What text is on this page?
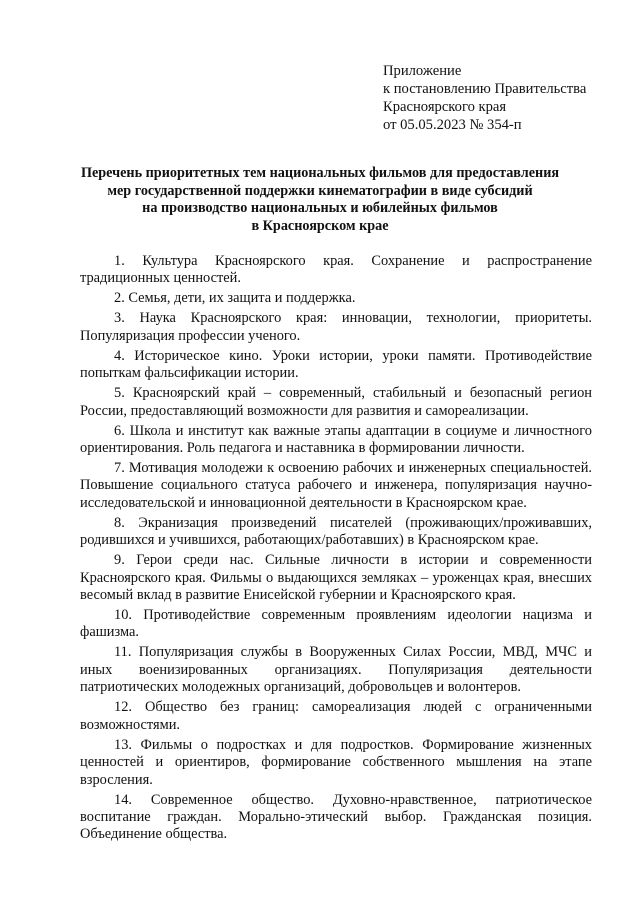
Приложение
к постановлению Правительства
Красноярского края
от 05.05.2023 № 354-п
Перечень приоритетных тем национальных фильмов для предоставления
мер государственной поддержки кинематографии в виде субсидий
на производство национальных и юбилейных фильмов
в Красноярском крае

1. Культура Красноярского края. Сохранение и распространение традиционных ценностей.

2. Семья, дети, их защита и поддержка.

3. Наука Красноярского края: инновации, технологии, приоритеты. Популяризация профессии ученого.

4. Историческое кино. Уроки истории, уроки памяти. Противодействие попыткам фальсификации истории.

5. Красноярский край – современный, стабильный и безопасный регион России, предоставляющий возможности для развития и самореализации.

6. Школа и институт как важные этапы адаптации в социуме и личностного ориентирования. Роль педагога и наставника в формировании личности.

7. Мотивация молодежи к освоению рабочих и инженерных специальностей. Повышение социального статуса рабочего и инженера, популяризация научно-исследовательской и инновационной деятельности в Красноярском крае.

8. Экранизация произведений писателей (проживающих/проживавших, родившихся и учившихся, работающих/работавших) в Красноярском крае.

9. Герои среди нас. Сильные личности в истории и современности Красноярского края. Фильмы о выдающихся земляках – уроженцах края, внесших весомый вклад в развитие Енисейской губернии и Красноярского края.

10. Противодействие современным проявлениям идеологии нацизма и фашизма.

11. Популяризация службы в Вооруженных Силах России, МВД, МЧС и иных военизированных организациях. Популяризация деятельности патриотических молодежных организаций, добровольцев и волонтеров.

12. Общество без границ: самореализация людей с ограниченными возможностями.

13. Фильмы о подростках и для подростков. Формирование жизненных ценностей и ориентиров, формирование собственного мышления на этапе взросления.

14. Современное общество. Духовно-нравственное, патриотическое воспитание граждан. Морально-этический выбор. Гражданская позиция. Объединение общества.
